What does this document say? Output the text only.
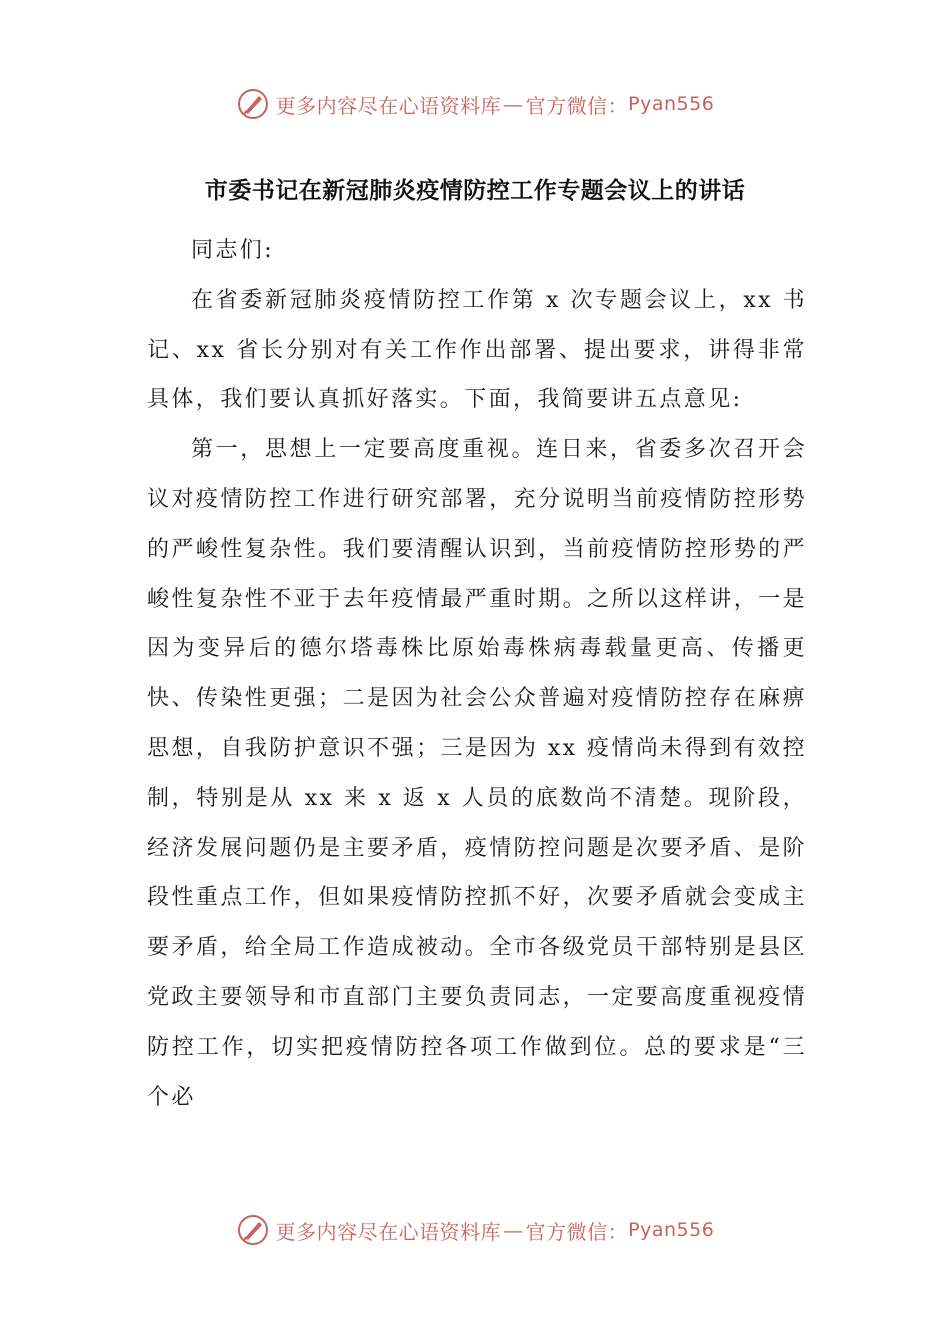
更多内容尽在心语资料库 — 官方微信： Pyan556
市委书记在新冠肺炎疫情防控工作专题会议上的讲话

同志们:

在省委新冠肺炎疫情防控工作第 x 次专题会议上，xx 书记、xx 省长分别对有关工作作出部署、提出要求，讲得非常具体，我们要认真抓好落实。下面，我简要讲五点意见:

第一，思想上一定要高度重视。连日来，省委多次召开会议对疫情防控工作进行研究部署，充分说明当前疫情防控形势的严峻性复杂性。我们要清醒认识到，当前疫情防控形势的严峻性复杂性不亚于去年疫情最严重时期。之所以这样讲，一是因为变异后的德尔塔毒株比原始毒株病毒载量更高、传播更快、传染性更强；二是因为社会公众普遍对疫情防控存在麻痹思想，自我防护意识不强；三是因为 xx 疫情尚未得到有效控制，特别是从 xx 来 x 返 x 人员的底数尚不清楚。现阶段，经济发展问题仍是主要矛盾，疫情防控问题是次要矛盾、是阶段性重点工作，但如果疫情防控抓不好，次要矛盾就会变成主要矛盾，给全局工作造成被动。全市各级党员干部特别是县区党政主要领导和市直部门主要负责同志，一定要高度重视疫情防控工作，切实把疫情防控各项工作做到位。总的要求是“三个必

更多内容尽在心语资料库 — 官方微信： Pyan556
